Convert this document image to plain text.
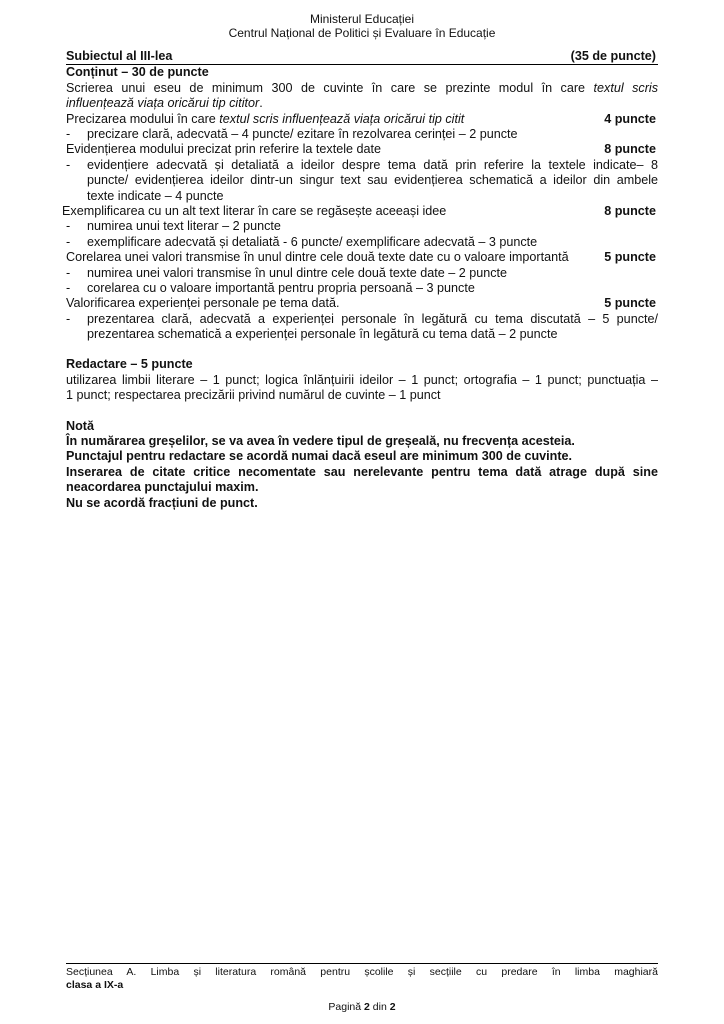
Ministerul Educației
Centrul Național de Politici și Evaluare în Educație
Subiectul al III-lea	(35 de puncte)
Conținut – 30 de puncte
Scrierea unui eseu de minimum 300 de cuvinte în care se prezinte modul în care textul scris
influențează viața oricărui tip cititor.
Precizarea modului în care textul scris influențează viața oricărui tip citit	4 puncte
- precizare clară, adecvată – 4 puncte/ ezitare în rezolvarea cerinței – 2 puncte
Evidențierea modului precizat prin referire la textele date	8 puncte
- evidențiere adecvată și detaliată a ideilor despre tema dată prin referire la textele indicate– 8
puncte/ evidențierea ideilor dintr-un singur text sau evidențierea schematică a ideilor din ambele
texte indicate – 4 puncte
Exemplificarea cu un alt text literar în care se regăsește aceeași idee	8 puncte
- numirea unui text literar – 2 puncte
- exemplificare adecvată și detaliată - 6 puncte/ exemplificare adecvată – 3 puncte
Corelarea unei valori transmise în unul dintre cele două texte date cu o valoare importantă	5 puncte
- numirea unei valori transmise în unul dintre cele două texte date – 2 puncte
- corelarea cu o valoare importantă pentru propria persoană – 3 puncte
Valorificarea experienței personale pe tema dată.	5 puncte
- prezentarea clară, adecvată a experienței personale în legătură cu tema discutată – 5 puncte/
prezentarea schematică a experienței personale în legătură cu tema dată – 2 puncte
Redactare – 5 puncte
utilizarea limbii literare – 1 punct; logica înlănțuirii ideilor – 1 punct; ortografia – 1 punct; punctuația –
1 punct; respectarea precizării privind numărul de cuvinte – 1 punct
Notă
În numărarea greșelilor, se va avea în vedere tipul de greșeală, nu frecvența acesteia.
Punctajul pentru redactare se acordă numai dacă eseul are minimum 300 de cuvinte.
Inserarea de citate critice necomentate sau nerelevante pentru tema dată atrage după sine
neacordarea punctajului maxim.
Nu se acordă fracțiuni de punct.
Secțiunea A. Limba și literatura română pentru școlile și secțiile cu predare în limba maghiară
clasa a IX-a
Pagină 2 din 2
